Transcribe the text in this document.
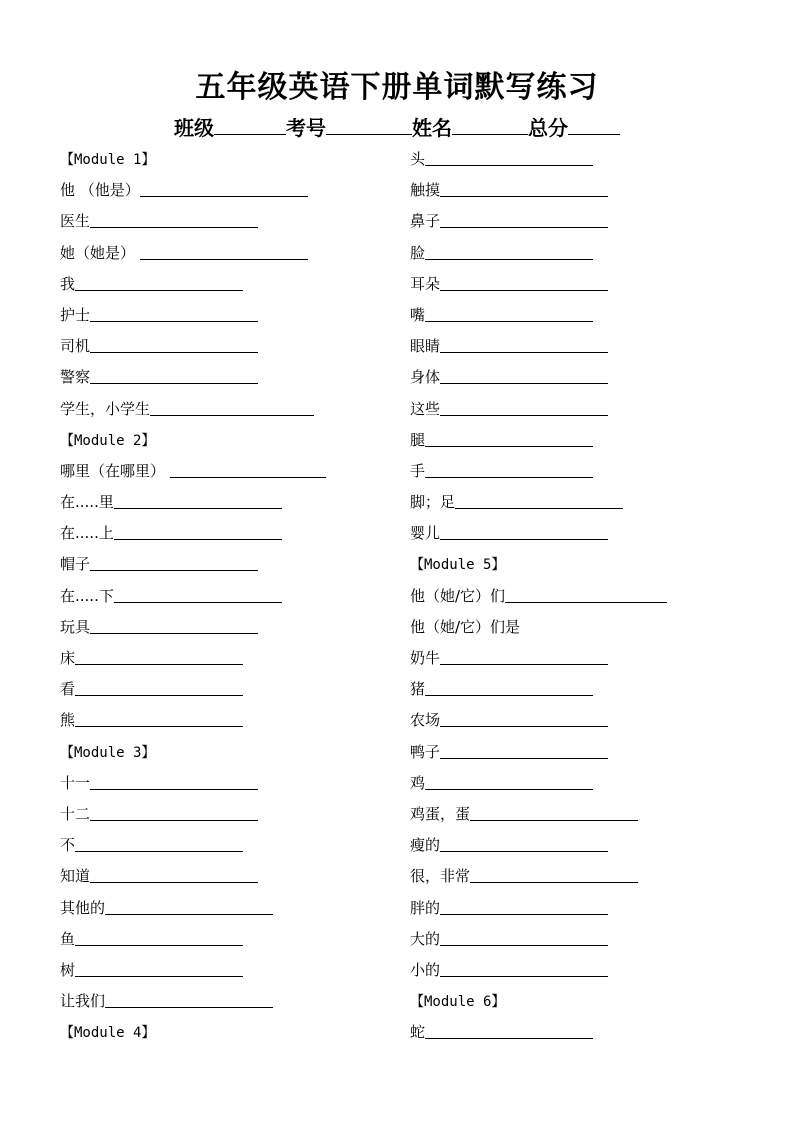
五年级英语下册单词默写练习
班级	考号	姓名	总分
【Module 1】
他 （他是）
医生
她（她是）
我
护士
司机
警察
学生，小学生
【Module 2】
哪里（在哪里）
在.....里
在.....上
帽子
在.....下
玩具
床
看
熊
【Module 3】
十一
十二
不
知道
其他的
鱼
树
让我们
【Module 4】
头
触摸
鼻子
脸
耳朵
嘴
眼睛
身体
这些
腿
手
脚；足
婴儿
【Module 5】
他（她/它）们
他（她/它）们是
奶牛
猪
农场
鸭子
鸡
鸡蛋，蛋
瘦的
很，非常
胖的
大的
小的
【Module 6】
蛇
